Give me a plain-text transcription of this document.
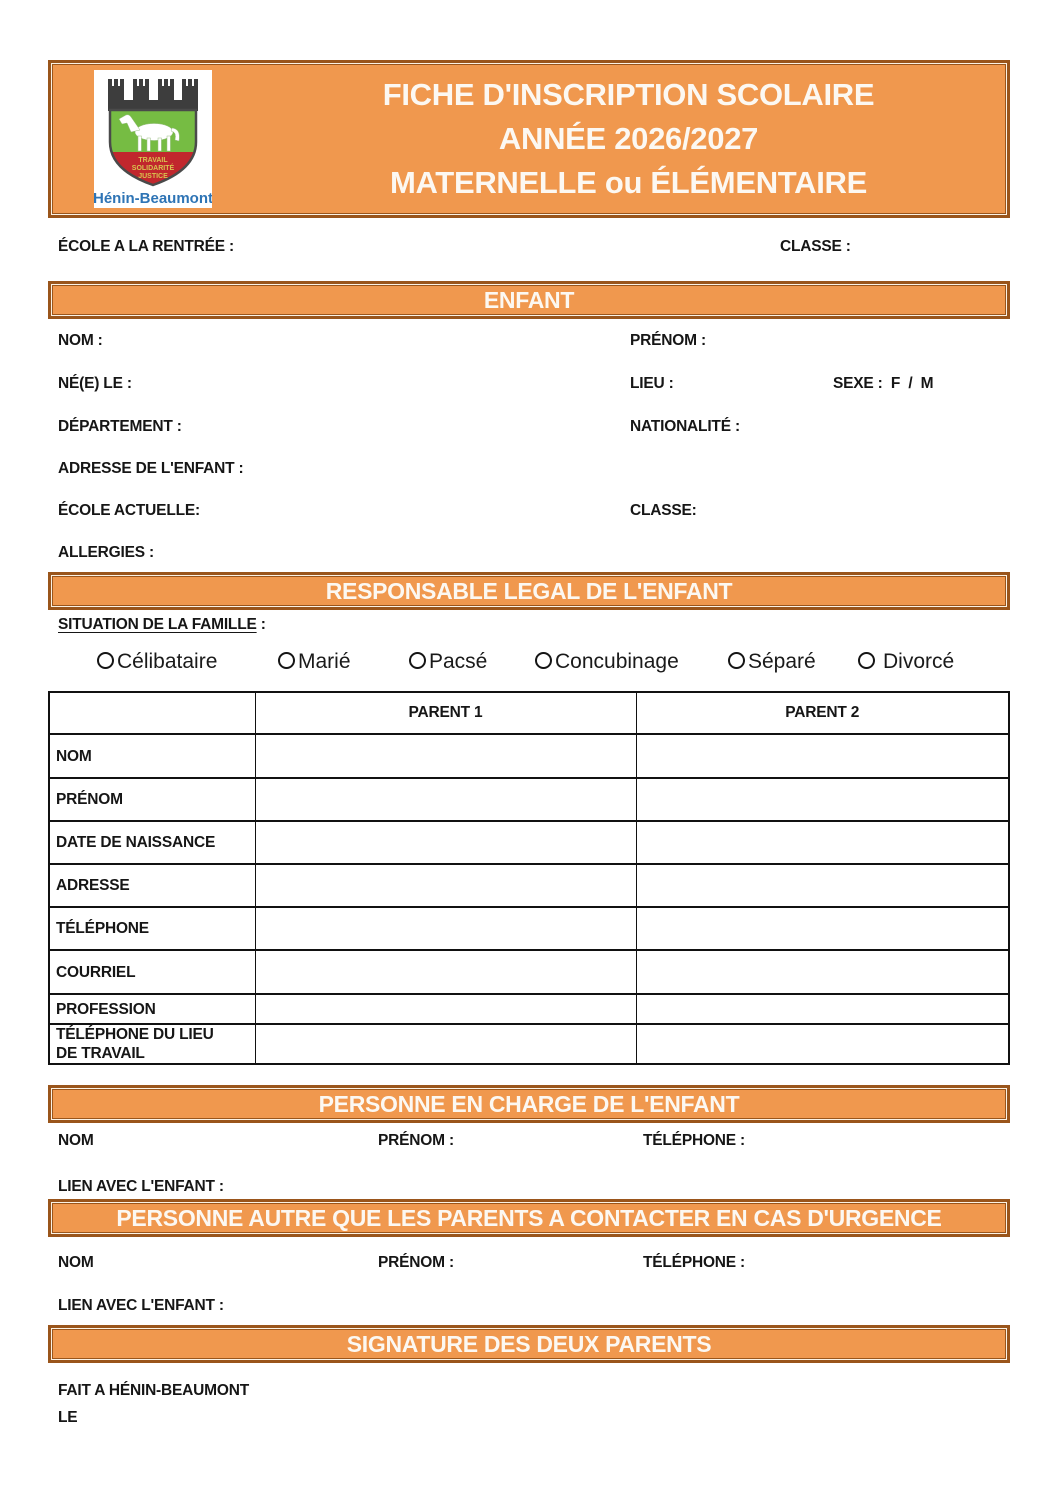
TRAVAIL
SOLIDARITÉ
JUSTICE
Hénin-Beaumont
FICHE D'INSCRIPTION SCOLAIRE
ANNÉE 2026/2027
MATERNELLE ou ÉLÉMENTAIRE
ÉCOLE A LA RENTRÉE :	CLASSE :
ENFANT
NOM :	PRÉNOM :
NÉ(E) LE :	LIEU :	SEXE :  F  /  M
DÉPARTEMENT :	NATIONALITÉ :
ADRESSE DE L'ENFANT :
ÉCOLE ACTUELLE:	CLASSE:
ALLERGIES :
RESPONSABLE LEGAL DE L'ENFANT
SITUATION DE LA FAMILLE :
Célibataire	Marié	Pacsé	Concubinage	Séparé	Divorcé
	PARENT 1	PARENT 2
NOM		
PRÉNOM		
DATE DE NAISSANCE		
ADRESSE		
TÉLÉPHONE		
COURRIEL		
PROFESSION		
TÉLÉPHONE DU LIEU DE TRAVAIL		
PERSONNE EN CHARGE DE L'ENFANT
NOM	PRÉNOM :	TÉLÉPHONE :
LIEN AVEC L'ENFANT :
PERSONNE AUTRE QUE LES PARENTS A CONTACTER EN CAS D'URGENCE
NOM	PRÉNOM :	TÉLÉPHONE :
LIEN AVEC L'ENFANT :
SIGNATURE DES DEUX PARENTS
FAIT A HÉNIN-BEAUMONT
LE
